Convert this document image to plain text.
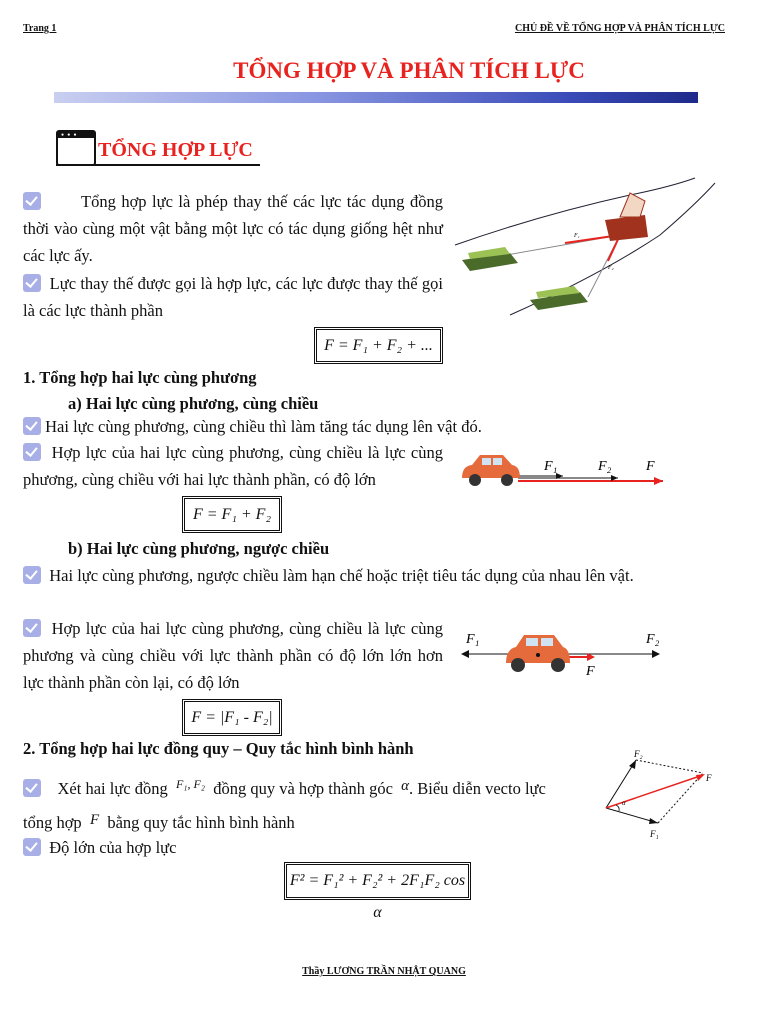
Trang 1	CHỦ ĐỀ VỀ TỔNG HỢP VÀ PHÂN TÍCH LỰC
TỔNG HỢP VÀ PHÂN TÍCH LỰC
● ● ●
TỔNG HỢP LỰC
Tổng hợp lực là phép thay thế các lực tác dụng đồng thời vào cùng một vật bằng một lực có tác dụng giống hệt như các lực ấy.
Lực thay thế được gọi là hợp lực, các lực được thay thế gọi là các lực thành phần
F = F₁ + F₂ + ...
F₁
F₂
1. Tổng hợp hai lực cùng phương
a) Hai lực cùng phương, cùng chiều
Hai lực cùng phương, cùng chiều thì làm tăng tác dụng lên vật đó.
Hợp lực của hai lực cùng phương, cùng chiều là lực cùng phương, cùng chiều với hai lực thành phần, có độ lớn
F₁	F₂ F
F = F₁ + F₂
b) Hai lực cùng phương, ngược chiều
Hai lực cùng phương, ngược chiều làm hạn chế hoặc triệt tiêu tác dụng của nhau lên vật.
Hợp lực của hai lực cùng phương, cùng chiều là lực cùng phương và cùng chiều với lực thành phần có độ lớn lớn hơn lực thành phần còn lại, có độ lớn
F₁	F₂
F
F = |F₁ - F₂|
2. Tổng hợp hai lực đồng quy – Quy tắc hình bình hành
Xét hai lực đồng $^{F_1, F_2}$ đồng quy và hợp thành góc α. Biểu diễn vecto lực
tổng hợp F bằng quy tắc hình bình hành
Độ lớn của hợp lực
F₂
F₁
F
α
F² = F₁² + F₂² + 2F₁F₂ cos α
Thầy LƯƠNG TRẦN NHẬT QUANG
